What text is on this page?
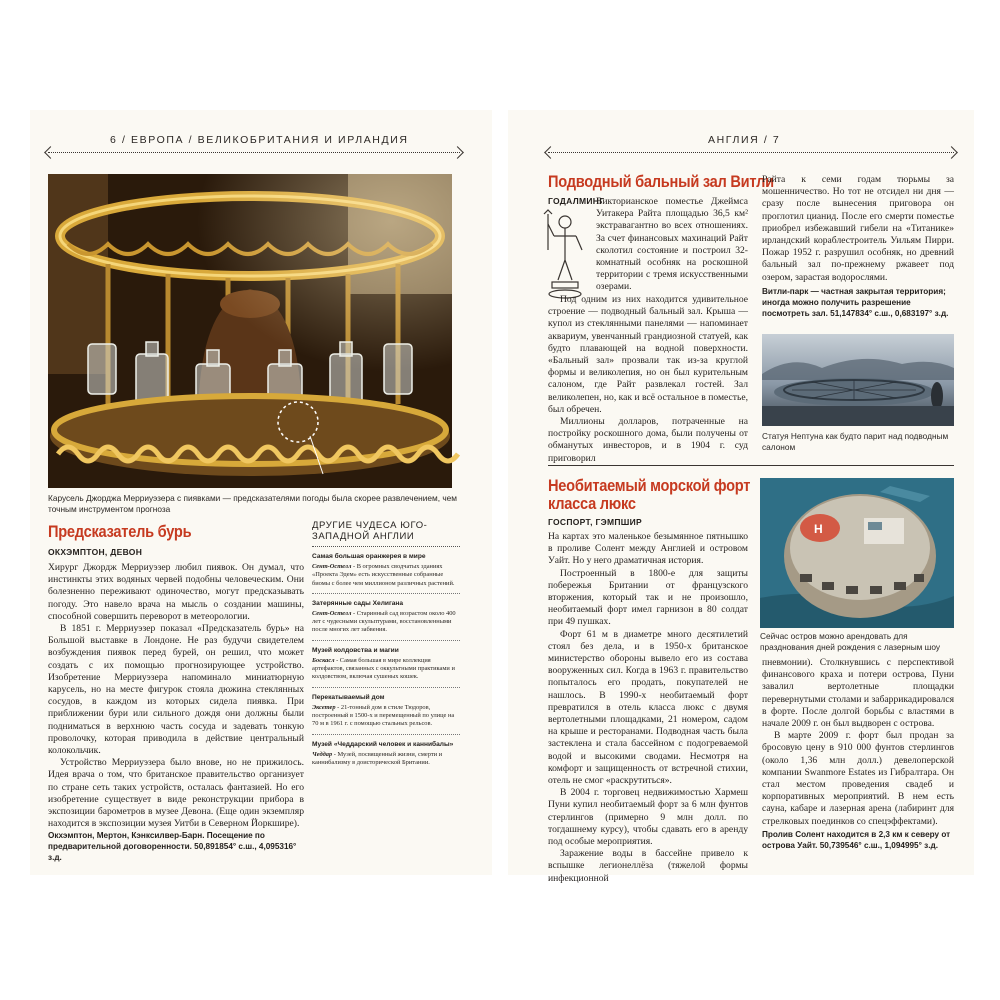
6 / ЕВРОПА / ВЕЛИКОБРИТАНИЯ И ИРЛАНДИЯ
Карусель Джорджа Мерриуэзера с пиявками — предсказателями погоды была скорее развлечением, чем точным инструментом прогноза
Предсказатель бурь
ОКХЭМПТОН, ДЕВОН

Хирург Джордж Мерриуэзер любил пиявок. Он думал, что инстинкты этих водяных червей подобны человеческим. Они болезненно переживают одиночество, могут предсказывать погоду. Это навело врача на мысль о создании машины, способной совершить переворот в метеорологии.

В 1851 г. Мерриуэзер показал «Предсказатель бурь» на Большой выставке в Лондоне. Не раз будучи свидетелем возбуждения пиявок перед бурей, он решил, что может создать с их помощью прогнозирующее устройство. Изобретение Мерриуэзера напоминало миниатюрную карусель, но на месте фигурок стояла дюжина стеклянных сосудов, в каждом из которых сидела пиявка. При приближении бури или сильного дождя они должны были подниматься в верхнюю часть сосуда и задевать тонкую проволочку, которая приводила в действие центральный колокольчик.

Устройство Мерриуэзера было вновe, но не прижилось. Идея врача о том, что британское правительство организует по стране сеть таких устройств, осталась фантазией. Но его изобретение существует в виде реконструкции прибора в экспозиции барометров в музее Девона. (Еще один экземпляр находится в экспозиции музея Уитби в Северном Йоркшире).

Окхэмптон, Мертон, Кэнксилвер-Барн. Посещение по предварительной договоренности. 50,891854° с.ш., 4,095316° з.д.
ДРУГИЕ ЧУДЕСА ЮГО-ЗАПАДНОЙ АНГЛИИ
Самая большая оранжерея в мире
Сент-Остелл - В огромных сводчатых зданиях «Проекта Эдем» есть искусственные собранные биомы с более чем миллионом различных растений.
Затерянные сады Хелигана
Сент-Остелл - Старинный сад возрастом около 400 лет с чудесными скульптурами, восстановленными после многих лет забвения.
Музей колдовства и магии
Боскасл - Самая большая в мире коллекция артефактов, связанных с оккультными практиками и колдовством, включая сушеных кошек.
Перекатываемый дом
Эксетер - 21-тонный дом в стиле Тюдоров, построенный в 1500-х и перемещенный по улице на 70 м в 1961 г. с помощью стальных рельсов.
Музей «Чеддарский человек и каннибалы»
Чеддар - Музей, посвященный жизни, смерти и каннибализму в доисторической Британии.
АНГЛИЯ / 7
Подводный бальный зал Витли
ГОДАЛМИНГ

Викторианское поместье Джеймса Уитакера Райта площадью 36,5 км² экстравагантно во всех отношениях. За счет финансовых махинаций Райт сколотил состояние и построил 32-комнатный особняк на роскошной территории с тремя искусственными озерами.

Под одним из них находится удивительное строение — подводный бальный зал. Крыша — купол из стеклянными панелями — напоминает аквариум, увенчанный грандиозной статуей, как будто плавающей на водной поверхности. «Бальный зал» прозвали так из-за круглой формы и великолепия, но он был курительным салоном, где Райт развлекал гостей. Зал великолепен, но, как и всё остальное в поместье, был обречен.

Миллионы долларов, потраченные на постройку роскошного дома, были получены от обманутых инвесторов, и в 1904 г. суд приговорил

Райта к семи годам тюрьмы за мошенничество. Но тот не отсидел ни дня — сразу после вынесения приговора он проглотил цианид. После его смерти поместье приобрел избежавший гибели на «Титанике» ирландский кораблестроитель Уильям Пирри. Пожар 1952 г. разрушил особняк, но древний бальный зал по-прежнему ржавеет под озером, зарастая водорослями.

Витли-парк — частная закрытая территория; иногда можно получить разрешение посмотреть зал. 51,147834° с.ш., 0,683197° з.д.
Статуя Нептуна как будто парит над подводным салоном
Необитаемый морской форт
класса люкс
ГОСПОРТ, ГЭМПШИР

На картах это маленькое безымянное пятнышко в проливе Солент между Англией и островом Уайт. Но у него драматичная история.

Построенный в 1800-е для защиты побережья Британии от французского вторжения, который так и не произошло, необитаемый форт имел гарнизон в 80 солдат при 49 пушках.

Форт 61 м в диаметре много десятилетий стоял без дела, и в 1950-х британское министерство обороны вывело его из состава вооруженных сил. Когда в 1963 г. правительство попыталось его продать, покупателей не нашлось. В 1990-х необитаемый форт превратился в отель класса люкс с двумя вертолетными площадками, 21 номером, садом на крыше и ресторанами. Подводная часть была застеклена и стала бассейном с подогреваемой водой и высокими сводами. Несмотря на комфорт и защищенность от встречной стихии, отель не смог «раскрутиться».

В 2004 г. торговец недвижимостью Хармеш Пуни купил необитаемый форт за 6 млн фунтов стерлингов (примерно 9 млн долл. по тогдашнему курсу), чтобы сдавать его в аренду под особые мероприятия.

Заражение воды в бассейне привело к вспышке легионеллёза (тяжелой формы инфекционной

H
Сейчас остров можно арендовать для празднования дней рождения с лазерным шоу

пневмонии). Столкнувшись с перспективой финансового краха и потери острова, Пуни завалил вертолетные площадки перевернутыми столами и забаррикадировался в форте. После долгой борьбы с властями в начале 2009 г. он был выдворен с острова.

В марте 2009 г. форт был продан за бросовую цену в 910 000 фунтов стерлингов (около 1,36 млн долл.) девелоперской компании Swanmore Estates из Гибралтара. Он стал местом проведения свадеб и корпоративных мероприятий. В нем есть сауна, кабаре и лазерная арена (лабиринт для стрелковых поединков со спецэффектами).

Пролив Солент находится в 2,3 км к северу от острова Уайт. 50,739546° с.ш., 1,094995° з.д.
